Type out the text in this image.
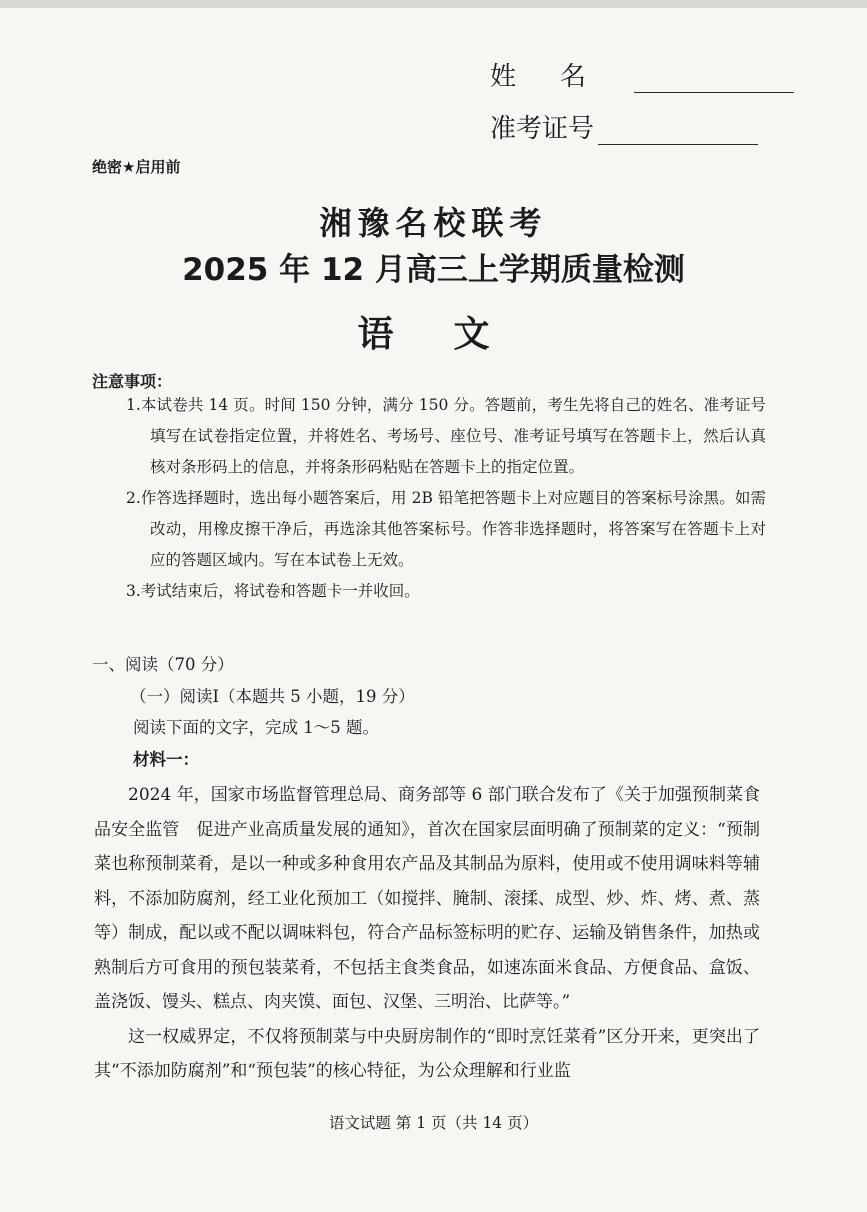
姓名
准考证号
绝密★启用前
湘豫名校联考
2025 年 12 月高三上学期质量检测
语文
注意事项：

1.本试卷共 14 页。时间 150 分钟，满分 150 分。答题前，考生先将自己的姓名、准考证号填写在试卷指定位置，并将姓名、考场号、座位号、准考证号填写在答题卡上，然后认真核对条形码上的信息，并将条形码粘贴在答题卡上的指定位置。

2.作答选择题时，选出每小题答案后，用 2B 铅笔把答题卡上对应题目的答案标号涂黑。如需改动，用橡皮擦干净后，再选涂其他答案标号。作答非选择题时，将答案写在答题卡上对应的答题区域内。写在本试卷上无效。

3.考试结束后，将试卷和答题卡一并收回。

一、阅读（70 分）
（一）阅读Ⅰ（本题共 5 小题，19 分）
阅读下面的文字，完成 1～5 题。
材料一：

2024 年，国家市场监督管理总局、商务部等 6 部门联合发布了《关于加强预制菜食品安全监管　促进产业高质量发展的通知》，首次在国家层面明确了预制菜的定义：“预制菜也称预制菜肴，是以一种或多种食用农产品及其制品为原料，使用或不使用调味料等辅料，不添加防腐剂，经工业化预加工（如搅拌、腌制、滚揉、成型、炒、炸、烤、煮、蒸等）制成，配以或不配以调味料包，符合产品标签标明的贮存、运输及销售条件，加热或熟制后方可食用的预包装菜肴，不包括主食类食品，如速冻面米食品、方便食品、盒饭、盖浇饭、馒头、糕点、肉夹馍、面包、汉堡、三明治、比萨等。”

这一权威界定，不仅将预制菜与中央厨房制作的“即时烹饪菜肴”区分开来，更突出了其“不添加防腐剂”和“预包装”的核心特征，为公众理解和行业监

语文试题 第 1 页（共 14 页）
